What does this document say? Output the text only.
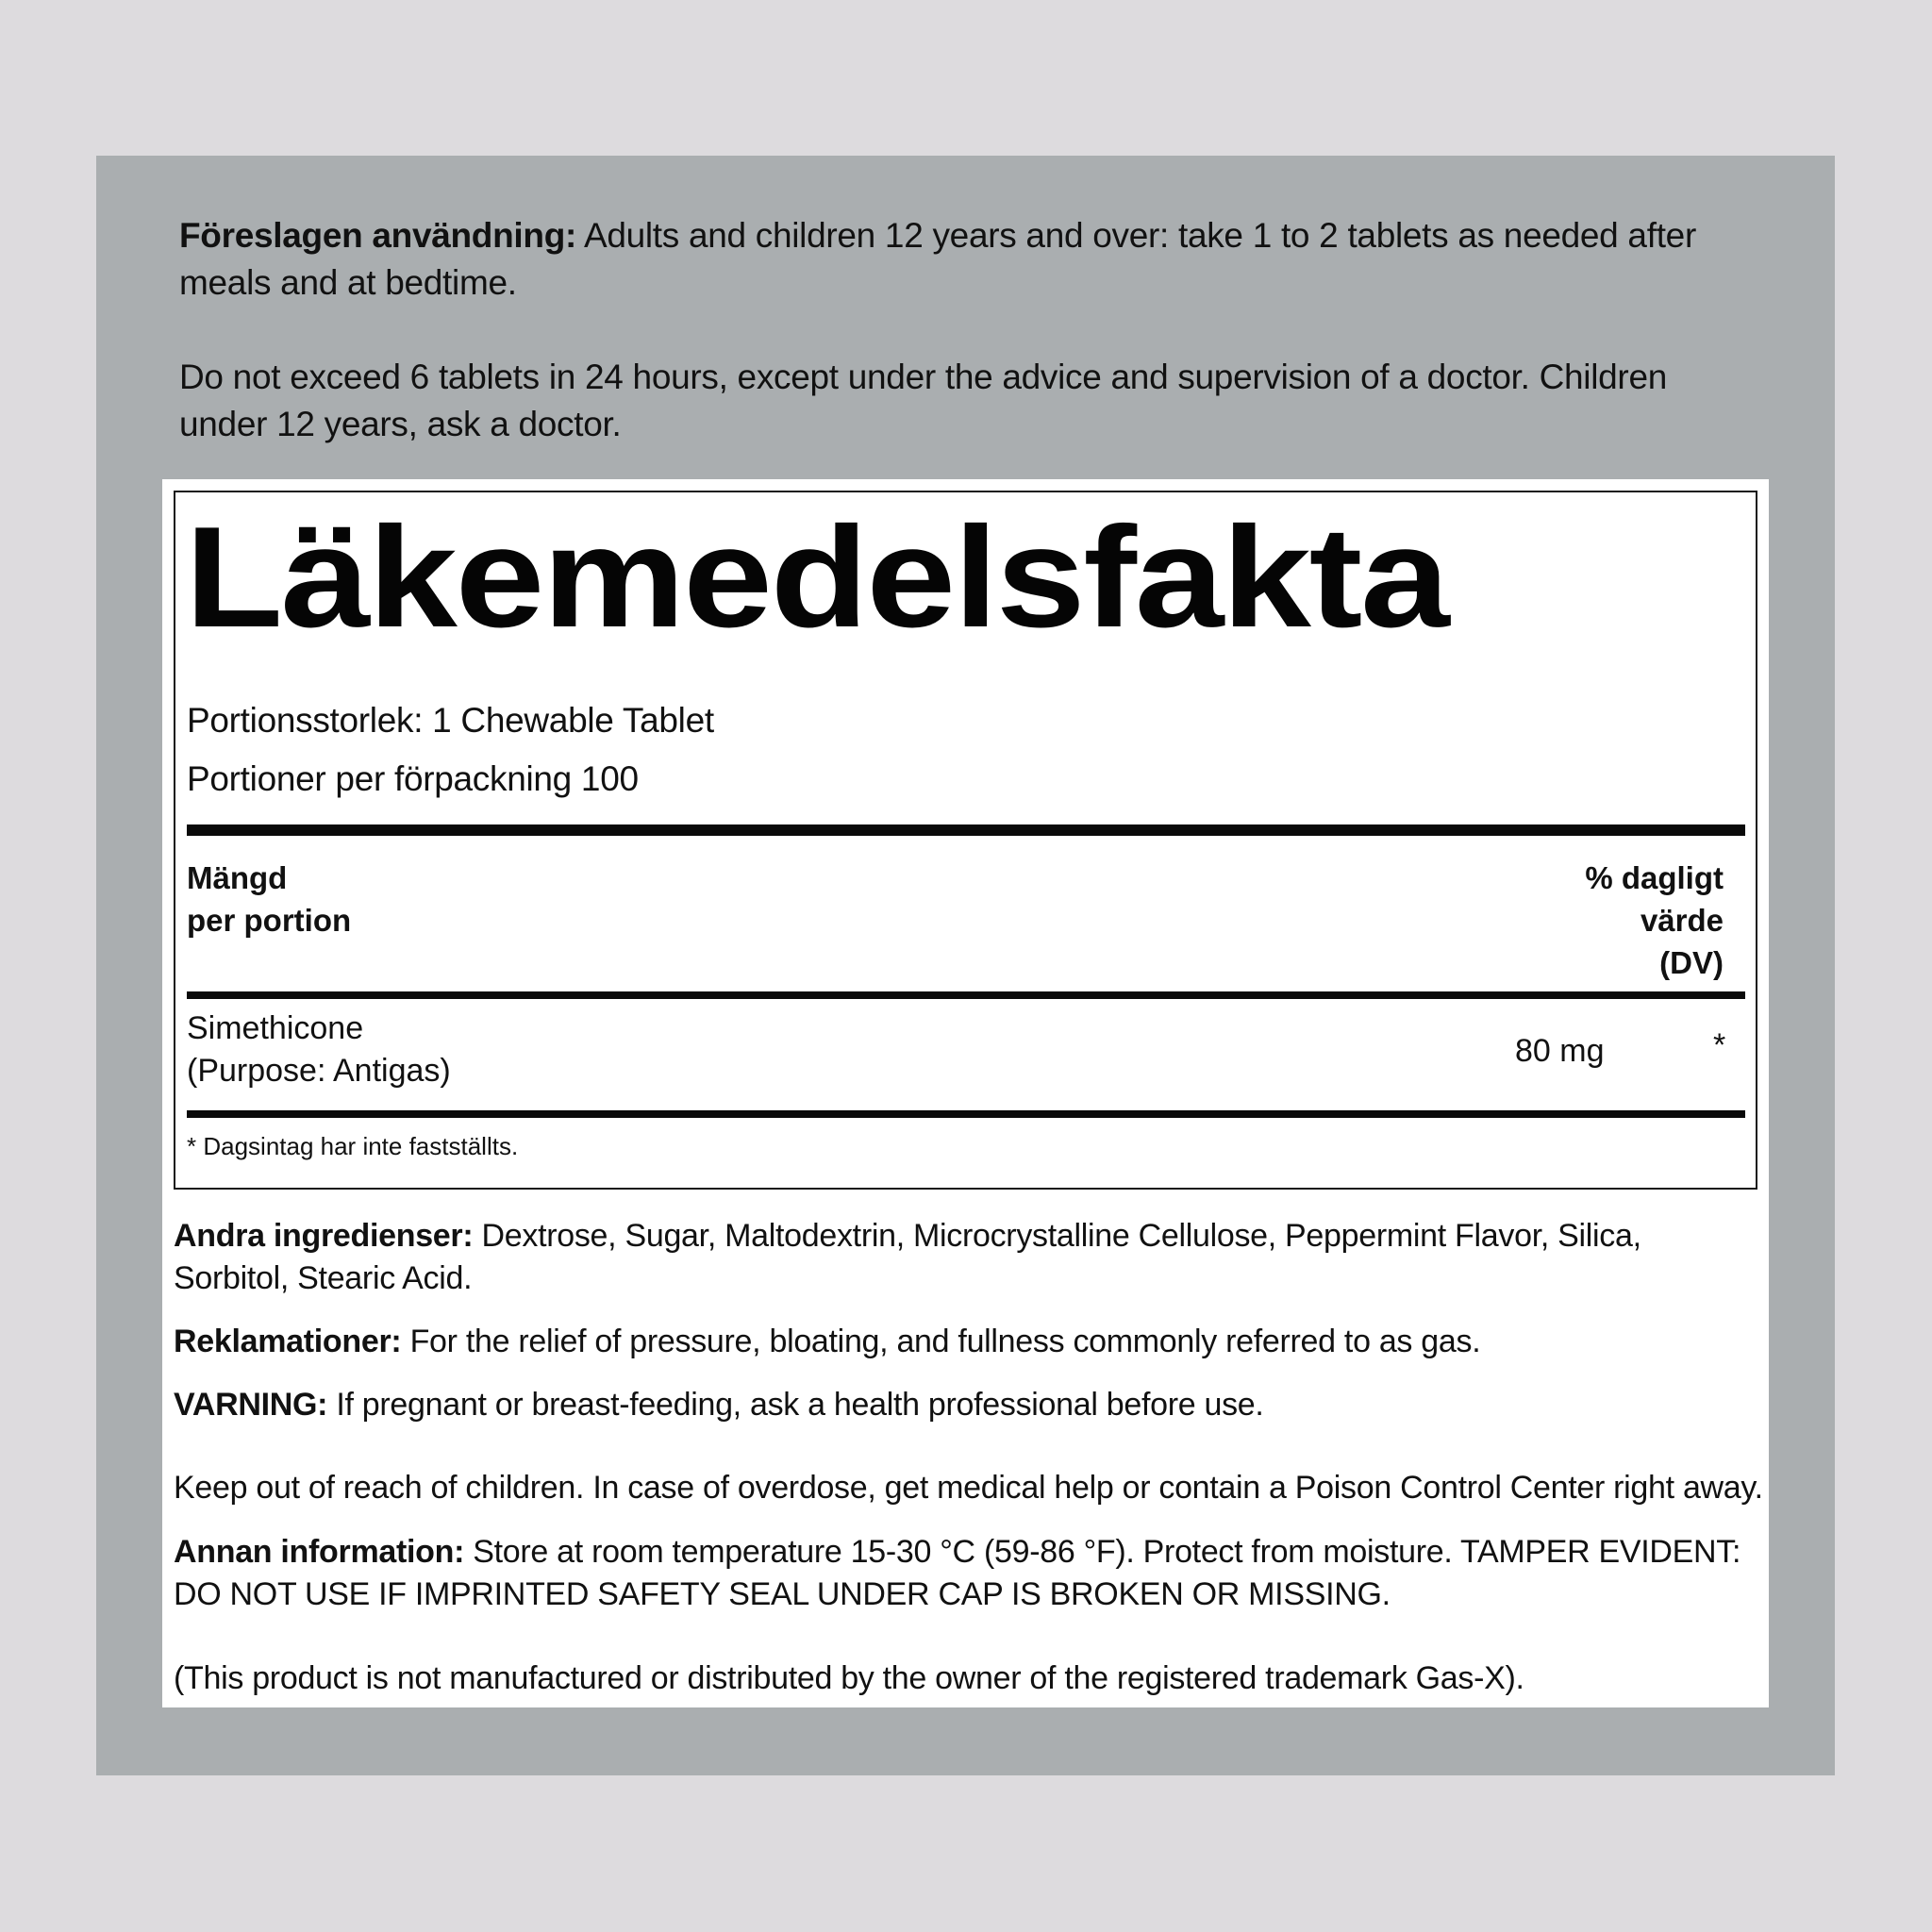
Föreslagen användning: Adults and children 12 years and over: take 1 to 2 tablets as needed after meals and at bedtime.

Do not exceed 6 tablets in 24 hours, except under the advice and supervision of a doctor. Children under 12 years, ask a doctor.

Läkemedelsfakta
Portionsstorlek: 1 Chewable Tablet
Portioner per förpackning 100
Mängd
per portion
% dagligt
värde
(DV)
Simethicone
(Purpose: Antigas)
80 mg	*
* Dagsintag har inte fastställts.
Andra ingredienser: Dextrose, Sugar, Maltodextrin, Microcrystalline Cellulose, Peppermint Flavor, Silica, Sorbitol, Stearic Acid.
Reklamationer: For the relief of pressure, bloating, and fullness commonly referred to as gas.
VARNING: If pregnant or breast-feeding, ask a health professional before use.
Keep out of reach of children. In case of overdose, get medical help or contain a Poison Control Center right away.
Annan information: Store at room temperature 15-30 °C (59-86 °F). Protect from moisture. TAMPER EVIDENT: DO NOT USE IF IMPRINTED SAFETY SEAL UNDER CAP IS BROKEN OR MISSING.
(This product is not manufactured or distributed by the owner of the registered trademark Gas-X).
